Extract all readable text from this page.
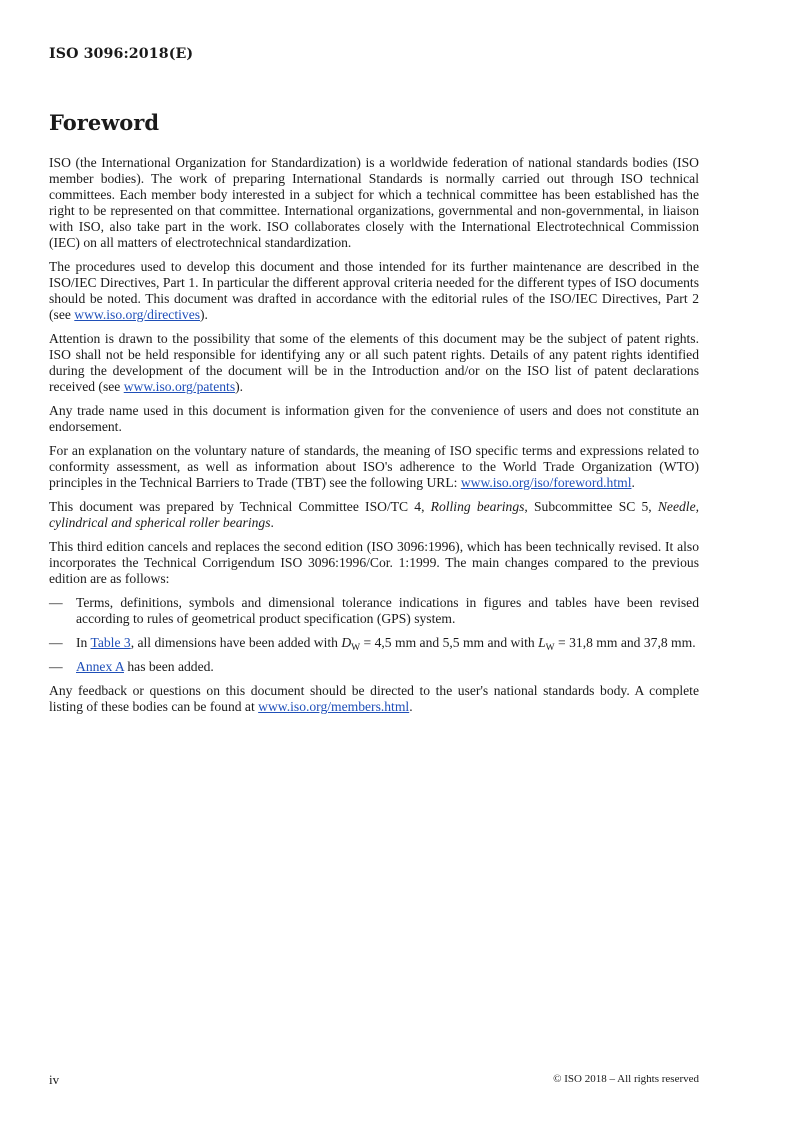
ISO 3096:2018(E)
Foreword

ISO (the International Organization for Standardization) is a worldwide federation of national standards bodies (ISO member bodies). The work of preparing International Standards is normally carried out through ISO technical committees. Each member body interested in a subject for which a technical committee has been established has the right to be represented on that committee. International organizations, governmental and non-governmental, in liaison with ISO, also take part in the work. ISO collaborates closely with the International Electrotechnical Commission (IEC) on all matters of electrotechnical standardization.

The procedures used to develop this document and those intended for its further maintenance are described in the ISO/IEC Directives, Part 1. In particular the different approval criteria needed for the different types of ISO documents should be noted. This document was drafted in accordance with the editorial rules of the ISO/IEC Directives, Part 2 (see www.iso.org/directives).

Attention is drawn to the possibility that some of the elements of this document may be the subject of patent rights. ISO shall not be held responsible for identifying any or all such patent rights. Details of any patent rights identified during the development of the document will be in the Introduction and/or on the ISO list of patent declarations received (see www.iso.org/patents).

Any trade name used in this document is information given for the convenience of users and does not constitute an endorsement.

For an explanation on the voluntary nature of standards, the meaning of ISO specific terms and expressions related to conformity assessment, as well as information about ISO's adherence to the World Trade Organization (WTO) principles in the Technical Barriers to Trade (TBT) see the following URL: www.iso.org/iso/foreword.html.

This document was prepared by Technical Committee ISO/TC 4, Rolling bearings, Subcommittee SC 5, Needle, cylindrical and spherical roller bearings.

This third edition cancels and replaces the second edition (ISO 3096:1996), which has been technically revised. It also incorporates the Technical Corrigendum ISO 3096:1996/Cor. 1:1999. The main changes compared to the previous edition are as follows:

— Terms, definitions, symbols and dimensional tolerance indications in figures and tables have been revised according to rules of geometrical product specification (GPS) system.
— In Table 3, all dimensions have been added with $D_W = 4,5$ mm and 5,5 mm and with $L_W = 31,8$ mm and 37,8 mm.
— Annex A has been added.

Any feedback or questions on this document should be directed to the user's national standards body. A complete listing of these bodies can be found at www.iso.org/members.html.

iv	© ISO 2018 – All rights reserved
